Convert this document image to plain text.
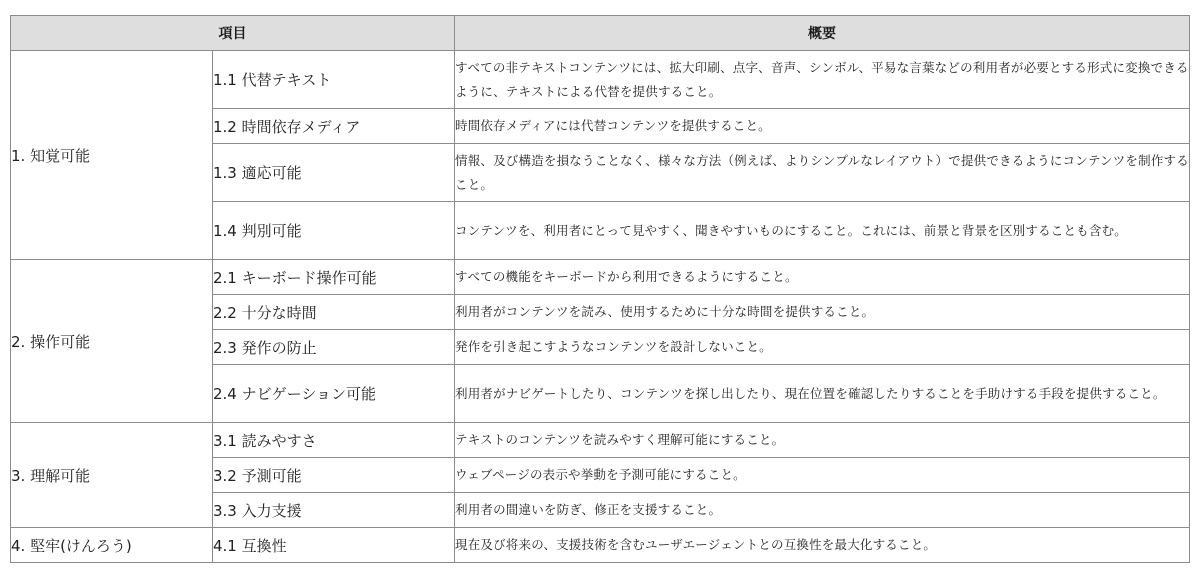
項目		概要
1. 知覚可能	1.1 代替テキスト	すべての非テキストコンテンツには、拡大印刷、点字、音声、シンボル、平易な言葉などの利用者が必要とする形式に変換できるように、テキストによる代替を提供すること。
	1.2 時間依存メディア	時間依存メディアには代替コンテンツを提供すること。
	1.3 適応可能	情報、及び構造を損なうことなく、様々な方法（例えば、よりシンプルなレイアウト）で提供できるようにコンテンツを制作すること。
	1.4 判別可能	コンテンツを、利用者にとって見やすく、聞きやすいものにすること。これには、前景と背景を区別することも含む。
2. 操作可能	2.1 キーボード操作可能	すべての機能をキーボードから利用できるようにすること。
	2.2 十分な時間	利用者がコンテンツを読み、使用するために十分な時間を提供すること。
	2.3 発作の防止	発作を引き起こすようなコンテンツを設計しないこと。
	2.4 ナビゲーション可能	利用者がナビゲートしたり、コンテンツを探し出したり、現在位置を確認したりすることを手助けする手段を提供すること。
3. 理解可能	3.1 読みやすさ	テキストのコンテンツを読みやすく理解可能にすること。
	3.2 予測可能	ウェブページの表示や挙動を予測可能にすること。
	3.3 入力支援	利用者の間違いを防ぎ、修正を支援すること。
4. 堅牢(けんろう)	4.1 互換性	現在及び将来の、支援技術を含むユーザエージェントとの互換性を最大化すること。
